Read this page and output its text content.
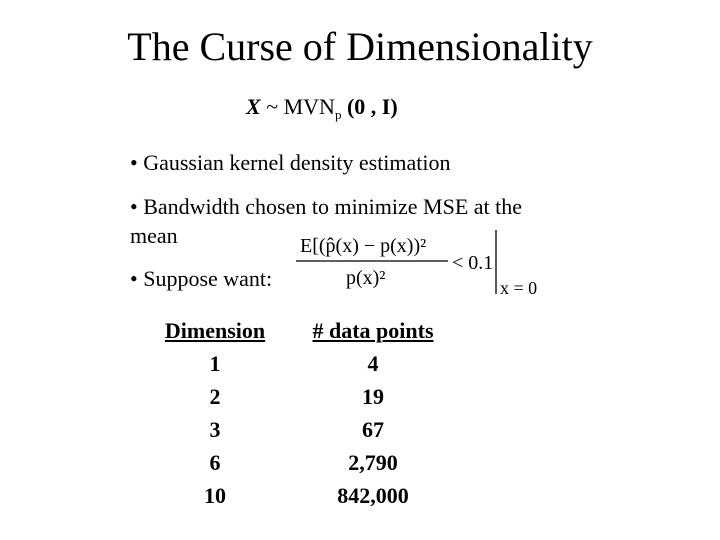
The Curse of Dimensionality
X ~ $MVN_p$ (0 , I)
• Gaussian kernel density estimation
• Bandwidth chosen to minimize MSE at the
mean
• Suppose want:
E[(p̂(x) − p(x))²
p(x)²
< 0.1
x = 0
Dimension
1
2
3
6
10
# data points
4
19
67
2,790
842,000
